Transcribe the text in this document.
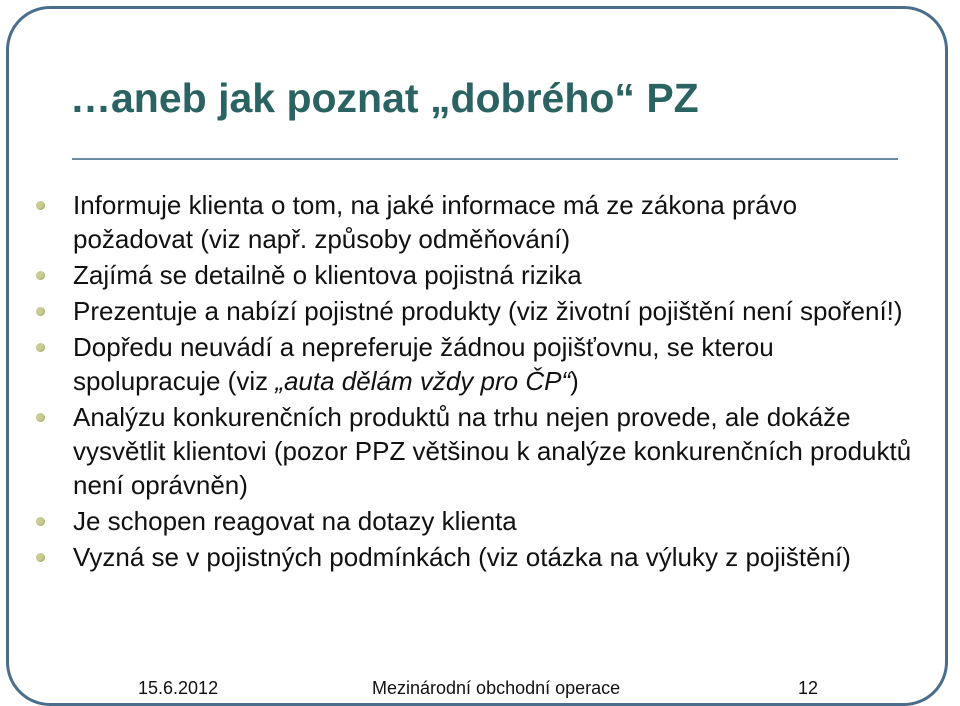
…aneb jak poznat „dobrého“ PZ
Informuje klienta o tom, na jaké informace má ze zákona právo požadovat (viz např. způsoby odměňování)
Zajímá se detailně o klientova pojistná rizika
Prezentuje a nabízí pojistné produkty (viz životní pojištění není spoření!)
Dopředu neuvádí a nepreferuje žádnou pojišťovnu, se kterou spolupracuje (viz „auta dělám vždy pro ČP“)
Analýzu konkurenčních produktů na trhu nejen provede, ale dokáže vysvětlit klientovi (pozor PPZ většinou k analýze konkurenčních produktů není oprávněn)
Je schopen reagovat na dotazy klienta
Vyzná se v pojistných podmínkách (viz otázka na výluky z pojištění)
15.6.2012	Mezinárodní obchodní operace	12
